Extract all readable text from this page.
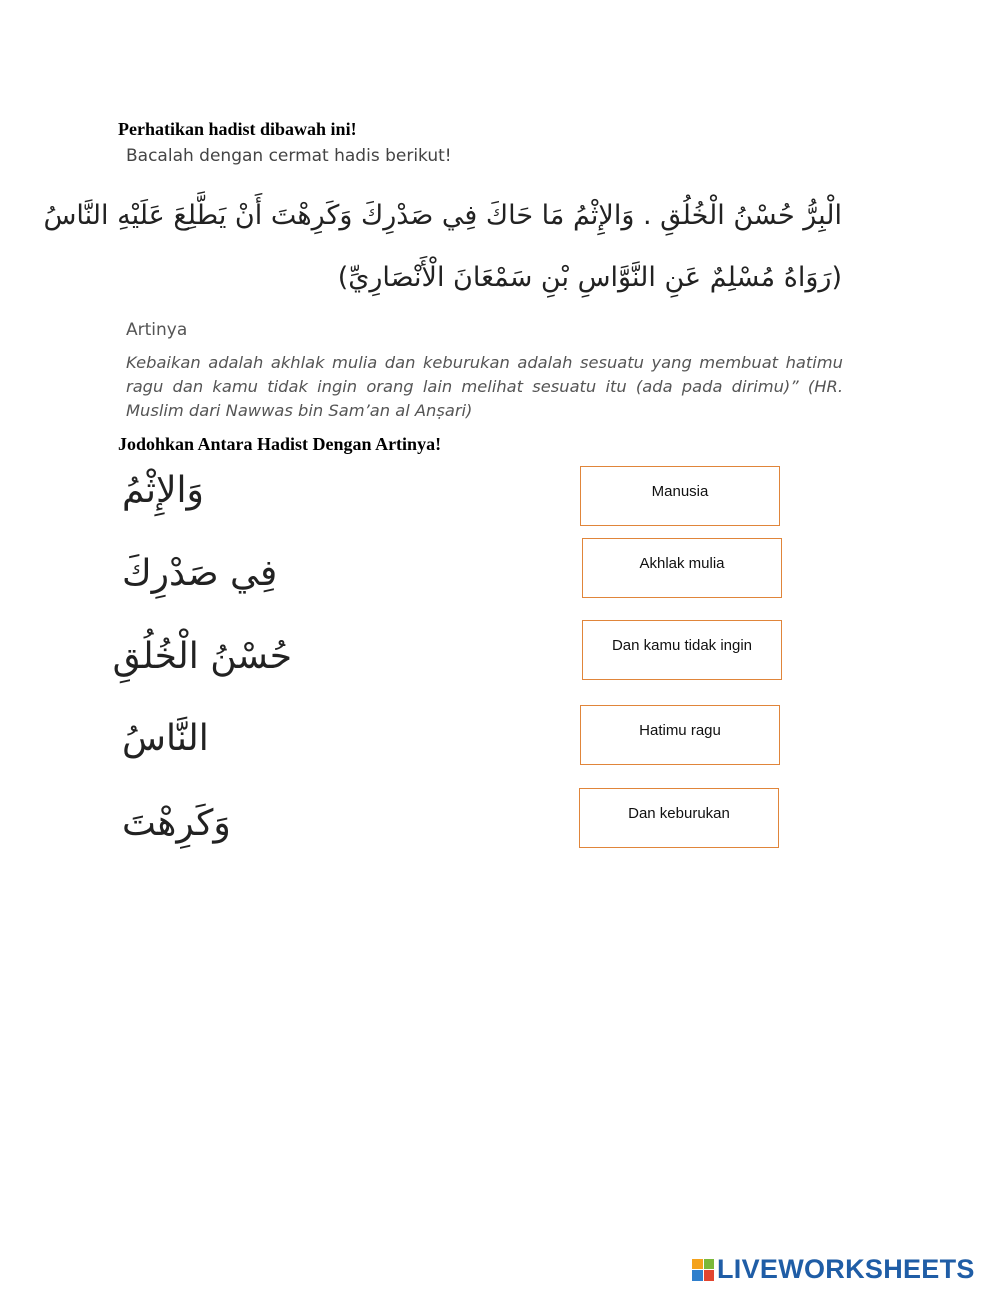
Perhatikan hadist dibawah ini!
Bacalah dengan cermat hadis berikut!
الْبِرُّ حُسْنُ الْخُلُقِ . وَالإِثْمُ مَا حَاكَ فِي صَدْرِكَ وَكَرِهْتَ أَنْ يَطَّلِعَ عَلَيْهِ النَّاسُ
(رَوَاهُ مُسْلِمٌ عَنِ النَّوَّاسِ بْنِ سَمْعَانَ الْأَنْصَارِيِّ)
Artinya
Kebaikan adalah akhlak mulia dan keburukan adalah sesuatu yang membuat hatimu ragu dan kamu tidak ingin orang lain melihat sesuatu itu (ada pada dirimu)” (HR. Muslim dari Nawwas bin Sam’an al Anṣari)
Jodohkan Antara Hadist Dengan Artinya!
وَالإِثْمُ
فِي صَدْرِكَ
حُسْنُ الْخُلُقِ
النَّاسُ
وَكَرِهْتَ
Manusia
Akhlak mulia
Dan kamu tidak ingin
Hatimu ragu
Dan keburukan
LIVEWORKSHEETS
